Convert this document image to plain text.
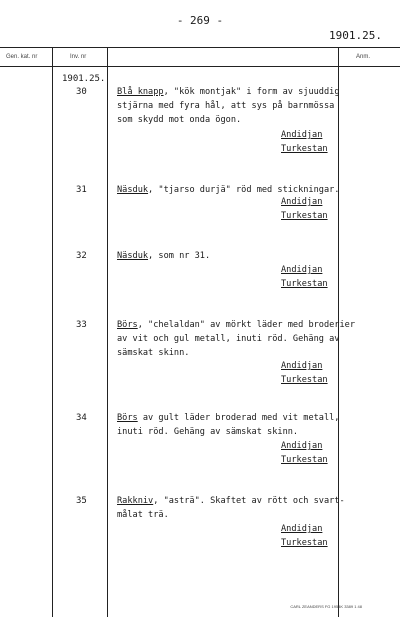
- 269 -
1901.25.
Gen. kat. nr	Inv. nr	Anm.
1901.25.
30	Blå knapp, "kök montjak" i form av sjuuddig
stjärna med fyra hål, att sys på barnmössa
som skydd mot onda ögon.
Andidjan
Turkestan
31	Näsduk, "tjarso durjä" röd med stickningar.
Andidjan
Turkestan
32	Näsduk, som nr 31.
Andidjan
Turkestan
33	Börs, "chelaldan" av mörkt läder med broderier
av vit och gul metall, inuti röd. Gehäng av
sämskat skinn.
Andidjan
Turkestan
34	Börs av gult läder broderad med vit metall,
inuti röd. Gehäng av sämskat skinn.
Andidjan
Turkestan
35	Rakkniv, "asträ". Skaftet av rött och svart-
målat trä.
Andidjan
Turkestan
CARL ZEANDERS FG 1954K 3389 1 48
